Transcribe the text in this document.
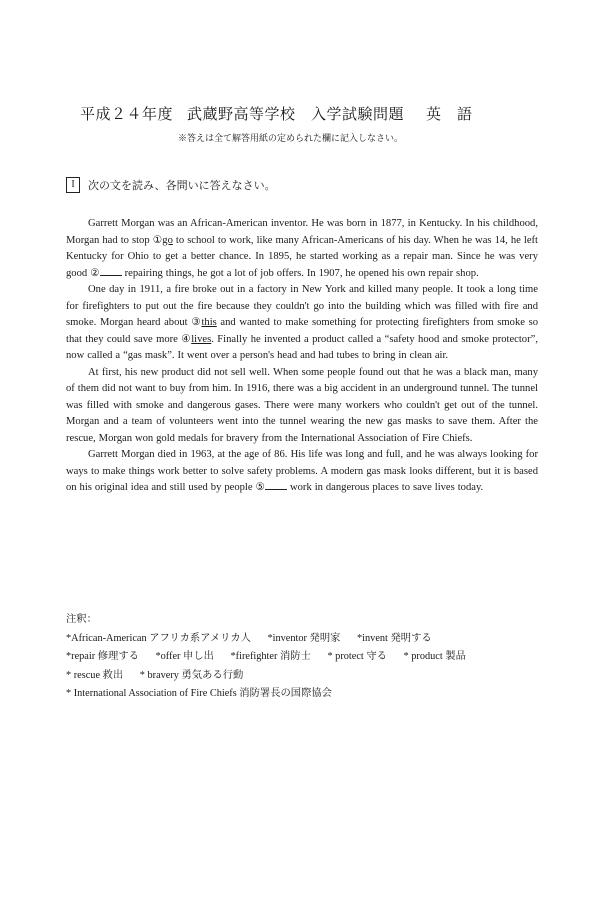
平成２４年度 武蔵野高等学校　入学試験問題 英　語
※答えは全て解答用紙の定められた欄に記入しなさい。
I	次の文を読み、各問いに答えなさい。

Garrett Morgan was an African-American inventor. He was born in 1877, in Kentucky. In his childhood, Morgan had to stop ①go to school to work, like many African-Americans of his day. When he was 14, he left Kentucky for Ohio to get a better chance. In 1895, he started working as a repair man. Since he was very good ② repairing things, he got a lot of job offers. In 1907, he opened his own repair shop.

One day in 1911, a fire broke out in a factory in New York and killed many people. It took a long time for firefighters to put out the fire because they couldn't go into the building which was filled with fire and smoke. Morgan heard about ③this and wanted to make something for protecting firefighters from smoke so that they could save more ④lives. Finally he invented a product called a “safety hood and smoke protector”, now called a “gas mask”. It went over a person's head and had tubes to bring in clean air.

At first, his new product did not sell well. When some people found out that he was a black man, many of them did not want to buy from him. In 1916, there was a big accident in an underground tunnel. The tunnel was filled with smoke and dangerous gases. There were many workers who couldn't get out of the tunnel. Morgan and a team of volunteers went into the tunnel wearing the new gas masks to save them. After the rescue, Morgan won gold medals for bravery from the International Association of Fire Chiefs.

Garrett Morgan died in 1963, at the age of 86. His life was long and full, and he was always looking for ways to make things work better to solve safety problems. A modern gas mask looks different, but it is based on his original idea and still used by people ⑤ work in dangerous places to save lives today.

注釈：
*African-American アフリカ系アメリカ人 *inventor 発明家 *invent 発明する
*repair 修理する *offer 申し出 *firefighter 消防士 * protect 守る * product 製品
* rescue 救出 * bravery 勇気ある行動
* International Association of Fire Chiefs 消防署長の国際協会
